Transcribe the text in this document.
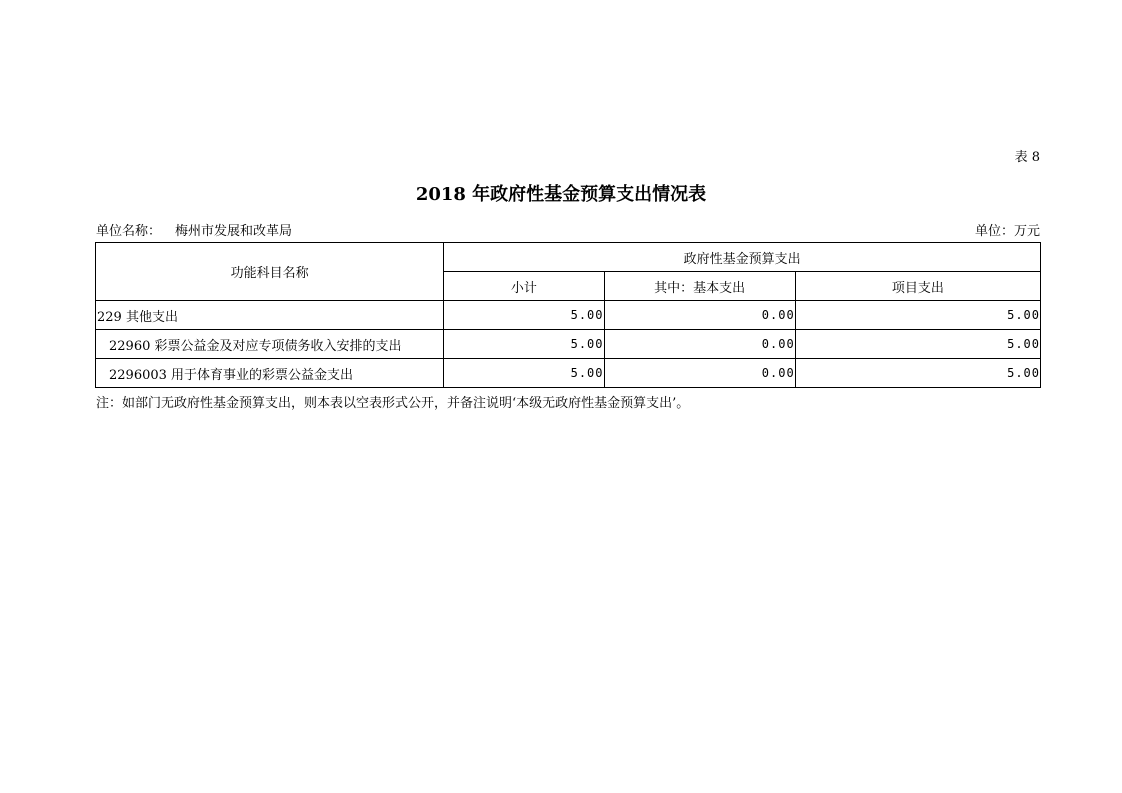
表 8
2018 年政府性基金预算支出情况表
单位名称： 梅州市发展和改革局	单位：万元
功能科目名称	政府性基金预算支出		
	小计	其中：基本支出	项目支出
229 其他支出	5.00	0.00	5.00
22960 彩票公益金及对应专项债务收入安排的支出	5.00	0.00	5.00
2296003 用于体育事业的彩票公益金支出	5.00	0.00	5.00
注：如部门无政府性基金预算支出，则本表以空表形式公开，并备注说明‘本级无政府性基金预算支出’。
